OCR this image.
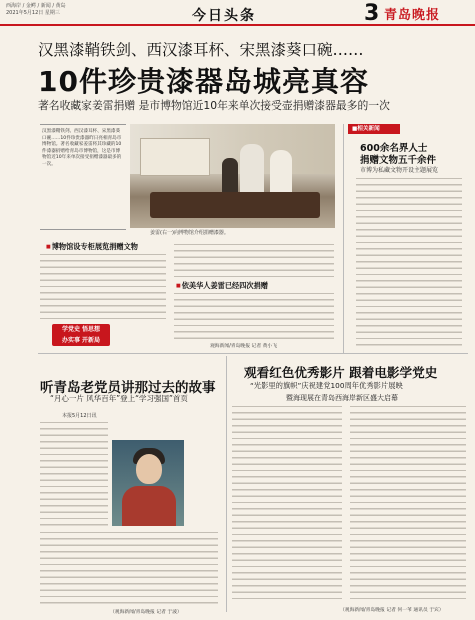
西海岸 / 金鳄 / 新闻 / 黄岛
2021年5月12日 星期三	今日头条	3 青岛晚报
汉黑漆鞘铁剑、西汉漆耳杯、宋黑漆葵口碗……
10件珍贵漆器岛城亮真容
著名收藏家姜雷捐赠 是市博物馆近10年来单次接受壶捐赠漆器最多的一次
汉黑漆鞘铁剑、西汉漆耳杯、宋黑漆葵口碗……10件珍贵漆器昨日亮相青岛市博物馆。著名收藏家姜雷将其珍藏的10件漆器捐赠给青岛市博物馆，这是市博物馆近10年来单次接受捐赠漆器最多的一次。
姜雷(右一)向博物馆介绍捐赠漆器。
■相关新闻
600余名界人士
捐赠文物五千余件
市博为私藏文物开设主题展览
■ 博物馆设专柜展览捐赠文物
■ 依美华人姜雷已经四次捐赠
观海新闻/青岛晚报 记者 黄小飞
学党史 悟思想
办实事 开新局
听青岛老党员讲那过去的故事
“月心一片 风华百年”登上“学习强国”首页
本报5月12日讯
（观海新闻/青岛晚报 记者 于波）
观看红色优秀影片 跟着电影学党史
“光影里的旗帜”庆祝建党100周年优秀影片展映
暨海现展在青岛西海岸新区盛大启幕
（观海新闻/青岛晚报 记者 何一苇 通讯员 于宾）
